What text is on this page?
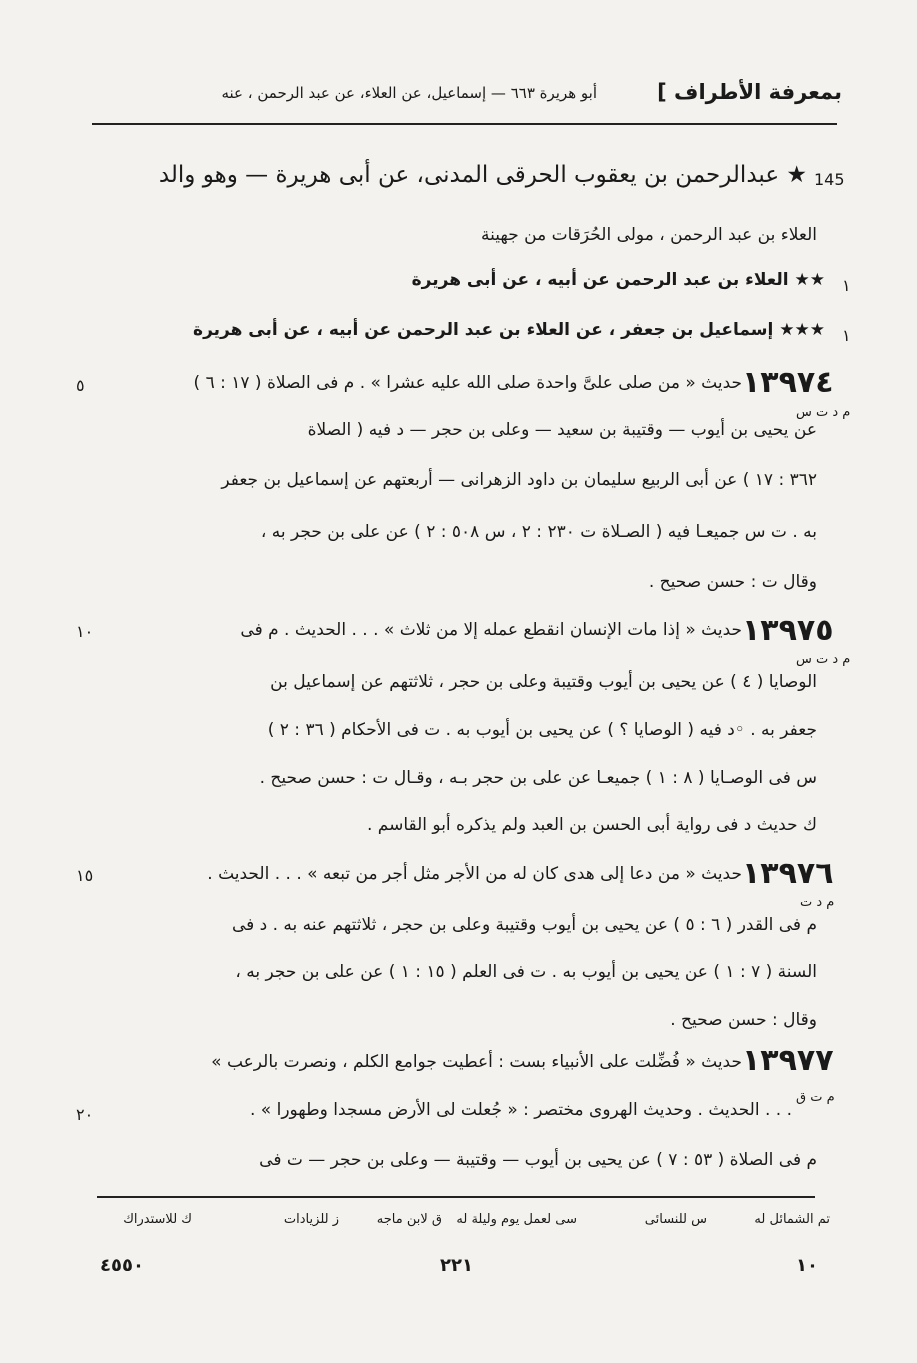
بمعرفة الأطراف ]
أبو هريرة ٦٦٣ — إسماعيل، عن العلاء، عن عبد الرحمن ، عنه
145
★ عبدالرحمن بن يعقوب الحرقى المدنى، عن أبى هريرة — وهو والد
العلاء بن عبد الرحمن ، مولى الحُرَقات من جهينة
١
★★ العلاء بن عبد الرحمن عن أبيه ، عن أبى هريرة
١
★★★ إسماعيل بن جعفر ، عن العلاء بن عبد الرحمن عن أبيه ، عن أبى هريرة
١٣٩٧٤
٥	حديث « من صلى علىَّ واحدة صلى الله عليه عشرا » . م فى الصلاة ( ١٧ : ٦ )
م د ت س
عن يحيى بن أيوب — وقتيبة بن سعيد — وعلى بن حجر — د فيه ( الصلاة
٣٦٢ : ١٧ ) عن أبى الربيع سليمان بن داود الزهرانى — أربعتهم عن إسماعيل بن جعفر
به . ت س جميعـا فيه ( الصـلاة ت ٢٣٠ : ٢ ، س ٥٠٨ : ٢ ) عن على بن حجر به ،
وقال ت : حسن صحيح .
١٣٩٧٥
١٠	حديث « إذا مات الإنسان انقطع عمله إلا من ثلاث » . . . الحديث . م فى
م د ت س
الوصايا ( ٤ ) عن يحيى بن أيوب وقتيبة وعلى بن حجر ، ثلاثتهم عن إسماعيل بن
جعفر به . ◦د فيه ( الوصايا ؟ ) عن يحيى بن أيوب به . ت فى الأحكام ( ٣٦ : ٢ )
س فى الوصـايا ( ٨ : ١ ) جميعـا عن على بن حجر بـه ، وقـال ت : حسن صحيح .
ك حديث د فى رواية أبى الحسن بن العبد ولم يذكره أبو القاسم .
١٣٩٧٦
١٥	حديث « من دعا إلى هدى كان له من الأجر مثل أجر من تبعه » . . . الحديث .
م د ت
م فى القدر ( ٦ : ٥ ) عن يحيى بن أيوب وقتيبة وعلى بن حجر ، ثلاثتهم عنه به . د فى
السنة ( ٧ : ١ ) عن يحيى بن أيوب به . ت فى العلم ( ١٥ : ١ ) عن على بن حجر به ،
وقال : حسن صحيح .
١٣٩٧٧
حديث « فُضِّلت على الأنبياء بست : أعطيت جوامع الكلم ، ونصرت بالرعب »
م ت ق
٢٠	. . . الحديث . وحديث الهروى مختصر : « جُعلت لى الأرض مسجدا وطهورا » .
م فى الصلاة ( ٥٣ : ٧ ) عن يحيى بن أيوب — وقتيبة — وعلى بن حجر — ت فى
تم الشمائل له
س للنسائى
سى لعمل يوم وليلة له
ق لابن ماجه
ز للزيادات
ك للاستدراك
٤٥٥٠	٢٢١	١٠
